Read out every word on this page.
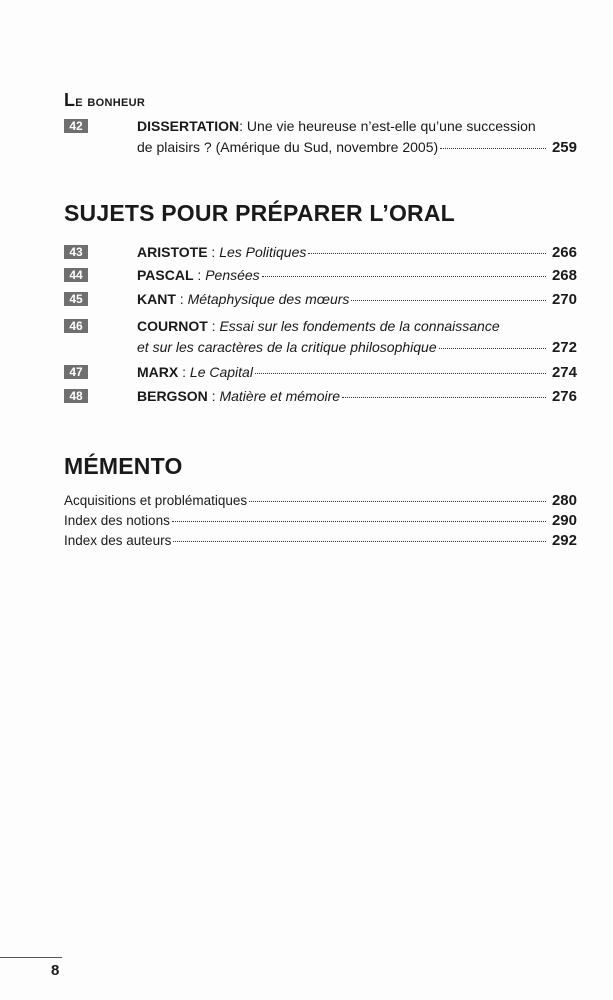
Le bonheur
42	DISSERTATION : Une vie heureuse n’est-elle qu’une succession
de plaisirs ? (Amérique du Sud, novembre 2005)	259
SUJETS POUR PRÉPARER L’ORAL
43	ARISTOTE : Les Politiques	266
44	PASCAL : Pensées	268
45	KANT : Métaphysique des mœurs	270
46	COURNOT : Essai sur les fondements de la connaissance
et sur les caractères de la critique philosophique	272
47	MARX : Le Capital	274
48	BERGSON : Matière et mémoire	276
MÉMENTO
Acquisitions et problématiques	280
Index des notions	290
Index des auteurs	292
8
